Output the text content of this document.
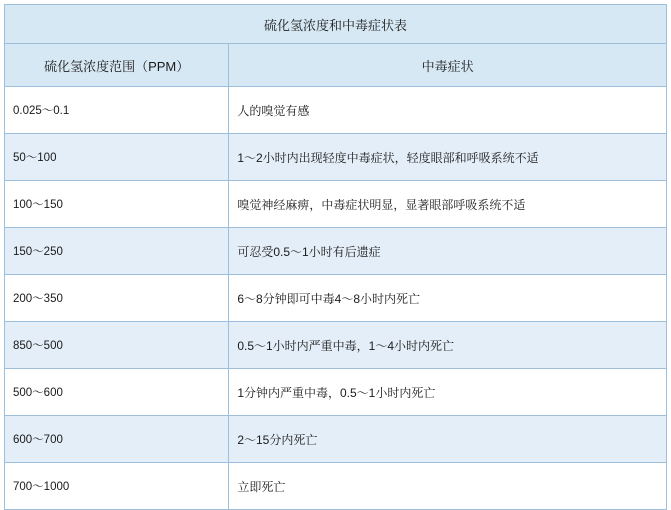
硫化氢浓度和中毒症状表	
硫化氢浓度范围（PPM）	中毒症状
0.025～0.1	人的嗅觉有感
50～100	1～2小时内出现轻度中毒症状，轻度眼部和呼吸系统不适
100～150	嗅觉神经麻痹，中毒症状明显，显著眼部呼吸系统不适
150～250	可忍受0.5～1小时有后遗症
200～350	6～8分钟即可中毒4～8小时内死亡
850～500	0.5～1小时内严重中毒，1～4小时内死亡
500～600	1分钟内严重中毒，0.5～1小时内死亡
600～700	2～15分内死亡
700～1000	立即死亡
